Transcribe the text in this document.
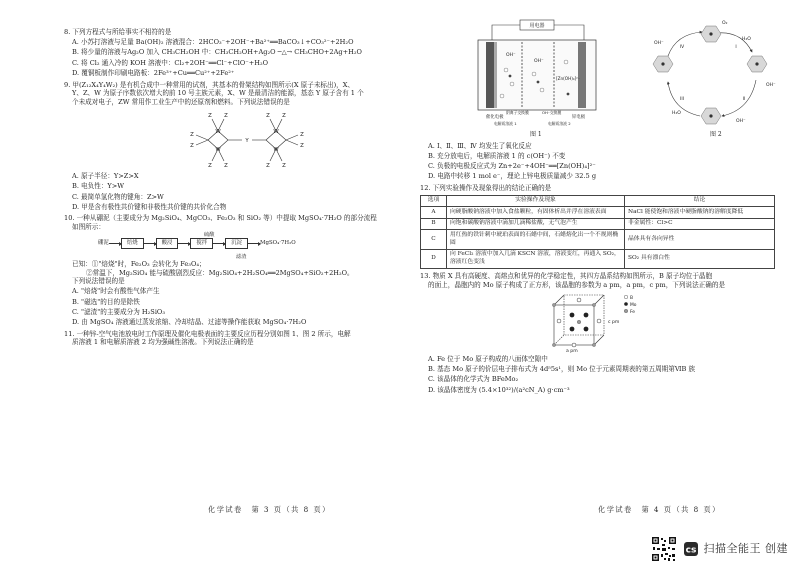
8. 下列方程式与所给事实不相符的是
A. 小苏打溶液与足量 Ba(OH)₂ 溶液混合：2HCO₃⁻+2OH⁻+Ba²⁺══BaCO₃↓+CO₃²⁻+2H₂O
B. 将少量的溶液与Ag₂O 加入 CH₃CH₂OH 中：CH₃CH₂OH+Ag₂O ─△→ CH₃CHO+2Ag+H₂O
C. 将 Cl₂ 通入冷的 KOH 溶液中：Cl₂+2OH⁻══Cl⁻+ClO⁻+H₂O
D. 覆铜板制作印刷电路板：2Fe³⁺+Cu══Cu²⁺+2Fe²⁺
9. 甲(Z₁₂X₄Y₄W₂) 是有机合成中一种常用的试剂，其基本的骨架结构如图所示(X 原子未标出)，X、
Y、Z、W 为原子序数依次增大的前 10 号主族元素，X、W 是最清洁的能源，基态 Y 原子含有 1 个
个未成对电子，ZW 常用作工业生产中的还原剂和燃料。下列说法错误的是
Y
W
W
W
W
Z
Z
Z Z
Z Z
Z
Z
Z Z
Z Z
A. 原子半径：Y>Z>X
B. 电负性：Y>W
C. 最简单氢化物的键角：Z>W
D. 甲是含有极性共价键和非极性共价键的共价化合物
10. 一种从硼泥（主要成分为 Mg₂SiO₄、MgCO₃、Fe₂O₃ 和 SiO₂ 等）中提取 MgSO₄·7H₂O 的部分流程
如图所示：
硫酸
滤渣
硼泥	焙烧	酸浸	搅拌	沉淀	MgSO₄ ·7H₂O
已知：①"焙烧"时，Fe₂O₃ 会转化为 Fe₃O₄；
②常温下，Mg₂SiO₄ 能与硫酸剧烈反应：Mg₂SiO₄+2H₂SO₄══2MgSO₄+SiO₂+2H₂O。
下列说法错误的是
A. "焙烧"时会有酸性气体产生
B. "磁选"的目的是除铁
C. "滤渣"的主要成分为 H₂SiO₃
D. 由 MgSO₄ 溶液通过蒸发浓缩、冷却结晶、过滤等操作能获取 MgSO₄·7H₂O
11. 一种锌-空气电池放电时工作原理及催化电极表面的主要反应历程分别如图 1、图 2 所示，电解
质溶液 1 和电解质溶液 2 均为强碱性溶液。下列说法正确的是
化学试卷　第 3 页（共 8 页）
用电器
OH⁻
OH⁻
[Zn(OH)₄]²⁻
催化电极
阴离子交换膜	OH⁻交换膜
锌电极
电解质溶液 1	电解质溶液 2
图 1
O₂
H₂O
OH⁻
OH⁻
H₂O
OH⁻
I
II
III
IV
图 2
A. Ⅰ、Ⅱ、Ⅲ、Ⅳ 均发生了氧化反应
B. 充分放电后，电解质溶液 1 的 c(OH⁻) 不变
C. 负极的电极反应式为 Zn+2e⁻+4OH⁻══[Zn(OH)₄]²⁻
D. 电路中转移 1 mol e⁻，理论上锌电极质量减少 32.5 g
12. 下列实验操作及现象得出的结论正确的是
选项	实验操作及现象	结论
A	向硬脂酸钠溶液中加入食盐颗粒，有固体析出并浮在溶液表面	NaCl 能使饱和溶液中硬脂酸钠的溶解度降低
B	向饱和碳酸钠溶液中滴加几滴稀盐酸，无气泡产生	非金属性：Cl>C
C	用红热的铁针刺中琥珀表面的石蜡中间，石蜡熔化出一个不规则椭圆	晶体具有各向异性
D	向 FeCl₂ 溶液中加入几滴 KSCN 溶液，溶液变红，再通入 SO₂，溶液红色变浅	SO₂ 具有漂白性
13. 物质 X 具有高硬度、高熔点和优异的化学稳定性，其四方晶系结构如图所示，B 原子均位于晶胞
的面上，晶胞内的 Mo 原子构成了正方形，该晶胞的参数为 a pm，a pm，c pm，下列说法正确的是
c pm
a pm
B
Mo
Fe
A. Fe 位于 Mo 原子构成的八面体空隙中
B. 基态 Mo 原子的价层电子排布式为 4d⁵5s¹，则 Mo 位于元素周期表的第五周期第ⅥB 族
C. 该晶体的化学式为 BFeMo₂
D. 该晶体密度为 (5.4×10³²)/(a²cN_A) g·cm⁻³
化学试卷　第 4 页（共 8 页）
cs 扫描全能王 创建
